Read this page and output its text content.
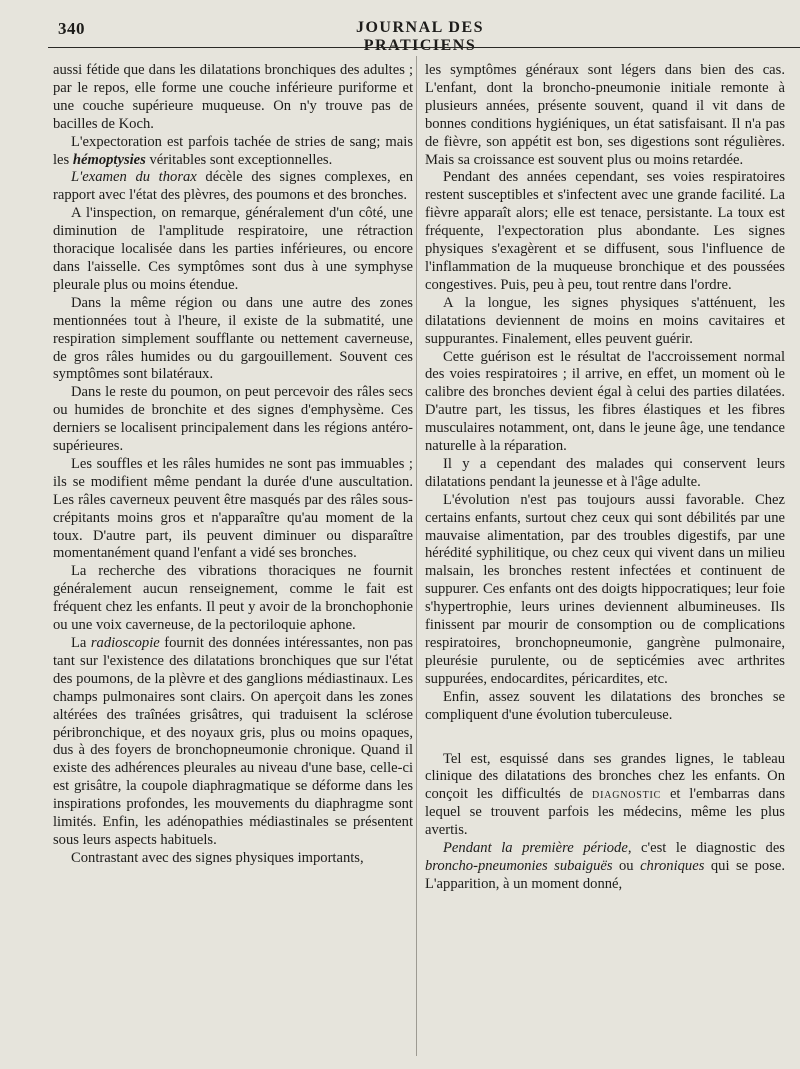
340	JOURNAL DES PRATICIENS

aussi fétide que dans les dilatations bronchiques des adultes ; par le repos, elle forme une couche inférieure puriforme et une couche supérieure muqueuse. On n'y trouve pas de bacilles de Koch.

L'expectoration est parfois tachée de stries de sang; mais les hémoptysies véritables sont exceptionnelles.

L'examen du thorax décèle des signes complexes, en rapport avec l'état des plèvres, des poumons et des bronches.

A l'inspection, on remarque, généralement d'un côté, une diminution de l'amplitude respiratoire, une rétraction thoracique localisée dans les parties inférieures, ou encore dans l'aisselle. Ces symptômes sont dus à une symphyse pleurale plus ou moins étendue.

Dans la même région ou dans une autre des zones mentionnées tout à l'heure, il existe de la submatité, une respiration simplement soufflante ou nettement caverneuse, de gros râles humides ou du gargouillement. Souvent ces symptômes sont bilatéraux.

Dans le reste du poumon, on peut percevoir des râles secs ou humides de bronchite et des signes d'emphysème. Ces derniers se localisent principalement dans les régions antéro-supérieures.

Les souffles et les râles humides ne sont pas immuables ; ils se modifient même pendant la durée d'une auscultation. Les râles caverneux peuvent être masqués par des râles sous-crépitants moins gros et n'apparaître qu'au moment de la toux. D'autre part, ils peuvent diminuer ou disparaître momentanément quand l'enfant a vidé ses bronches.

La recherche des vibrations thoraciques ne fournit généralement aucun renseignement, comme le fait est fréquent chez les enfants. Il peut y avoir de la bronchophonie ou une voix caverneuse, de la pectoriloquie aphone.

La radioscopie fournit des données intéressantes, non pas tant sur l'existence des dilatations bronchiques que sur l'état des poumons, de la plèvre et des ganglions médiastinaux. Les champs pulmonaires sont clairs. On aperçoit dans les zones altérées des traînées grisâtres, qui traduisent la sclérose péribronchique, et des noyaux gris, plus ou moins opaques, dus à des foyers de bronchopneumonie chronique. Quand il existe des adhérences pleurales au niveau d'une base, celle-ci est grisâtre, la coupole diaphragmatique se déforme dans les inspirations profondes, les mouvements du diaphragme sont limités. Enfin, les adénopathies médiastinales se présentent sous leurs aspects habituels.

Contrastant avec des signes physiques importants,

les symptômes généraux sont légers dans bien des cas. L'enfant, dont la broncho-pneumonie initiale remonte à plusieurs années, présente souvent, quand il vit dans de bonnes conditions hygiéniques, un état satisfaisant. Il n'a pas de fièvre, son appétit est bon, ses digestions sont régulières. Mais sa croissance est souvent plus ou moins retardée.

Pendant des années cependant, ses voies respiratoires restent susceptibles et s'infectent avec une grande facilité. La fièvre apparaît alors; elle est tenace, persistante. La toux est fréquente, l'expectoration plus abondante. Les signes physiques s'exagèrent et se diffusent, sous l'influence de l'inflammation de la muqueuse bronchique et des poussées congestives. Puis, peu à peu, tout rentre dans l'ordre.

A la longue, les signes physiques s'atténuent, les dilatations deviennent de moins en moins cavitaires et suppurantes. Finalement, elles peuvent guérir.

Cette guérison est le résultat de l'accroissement normal des voies respiratoires ; il arrive, en effet, un moment où le calibre des bronches devient égal à celui des parties dilatées. D'autre part, les tissus, les fibres élastiques et les fibres musculaires notamment, ont, dans le jeune âge, une tendance naturelle à la réparation.

Il y a cependant des malades qui conservent leurs dilatations pendant la jeunesse et à l'âge adulte.

L'évolution n'est pas toujours aussi favorable. Chez certains enfants, surtout chez ceux qui sont débilités par une mauvaise alimentation, par des troubles digestifs, par une hérédité syphilitique, ou chez ceux qui vivent dans un milieu malsain, les bronches restent infectées et continuent de suppurer. Ces enfants ont des doigts hippocratiques; leur foie s'hypertrophie, leurs urines deviennent albumineuses. Ils finissent par mourir de consomption ou de complications respiratoires, bronchopneumonie, gangrène pulmonaire, pleurésie purulente, ou de septicémies avec arthrites suppurées, endocardites, péricardites, etc.

Enfin, assez souvent les dilatations des bronches se compliquent d'une évolution tuberculeuse.

Tel est, esquissé dans ses grandes lignes, le tableau clinique des dilatations des bronches chez les enfants. On conçoit les difficultés de diagnostic et l'embarras dans lequel se trouvent parfois les médecins, même les plus avertis.

Pendant la première période, c'est le diagnostic des broncho-pneumonies subaiguës ou chroniques qui se pose. L'apparition, à un moment donné,
